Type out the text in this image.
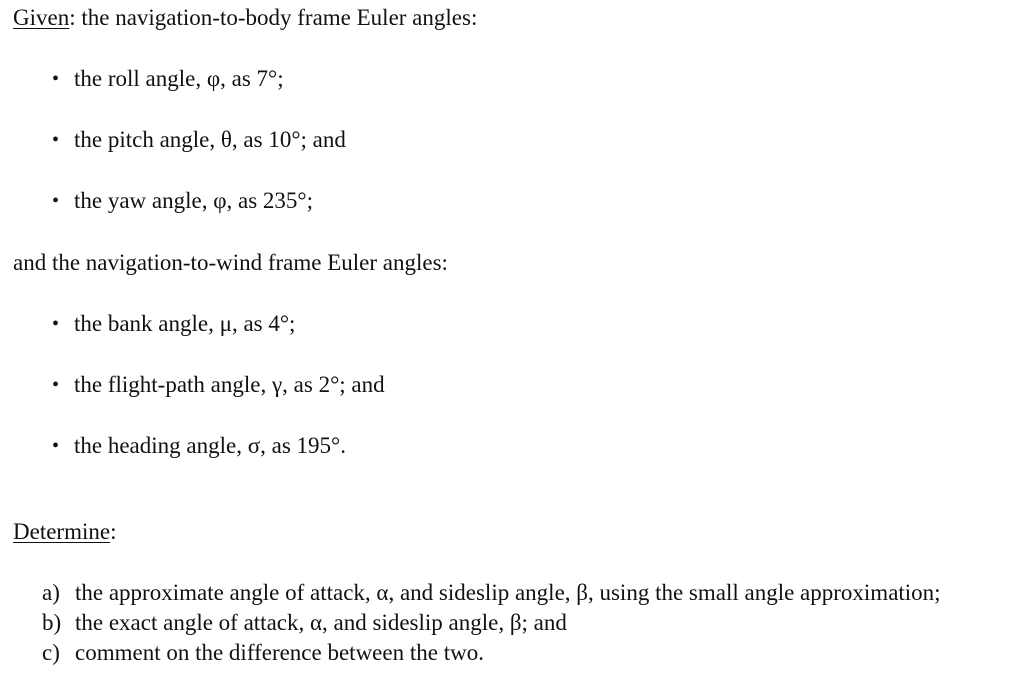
Given: the navigation-to-body frame Euler angles:
• the roll angle, φ, as 7°;
• the pitch angle, θ, as 10°; and
• the yaw angle, φ, as 235°;
and the navigation-to-wind frame Euler angles:
• the bank angle, μ, as 4°;
• the flight-path angle, γ, as 2°; and
• the heading angle, σ, as 195°.
Determine:
a) the approximate angle of attack, α, and sideslip angle, β, using the small angle approximation;
b) the exact angle of attack, α, and sideslip angle, β; and
c) comment on the difference between the two.
